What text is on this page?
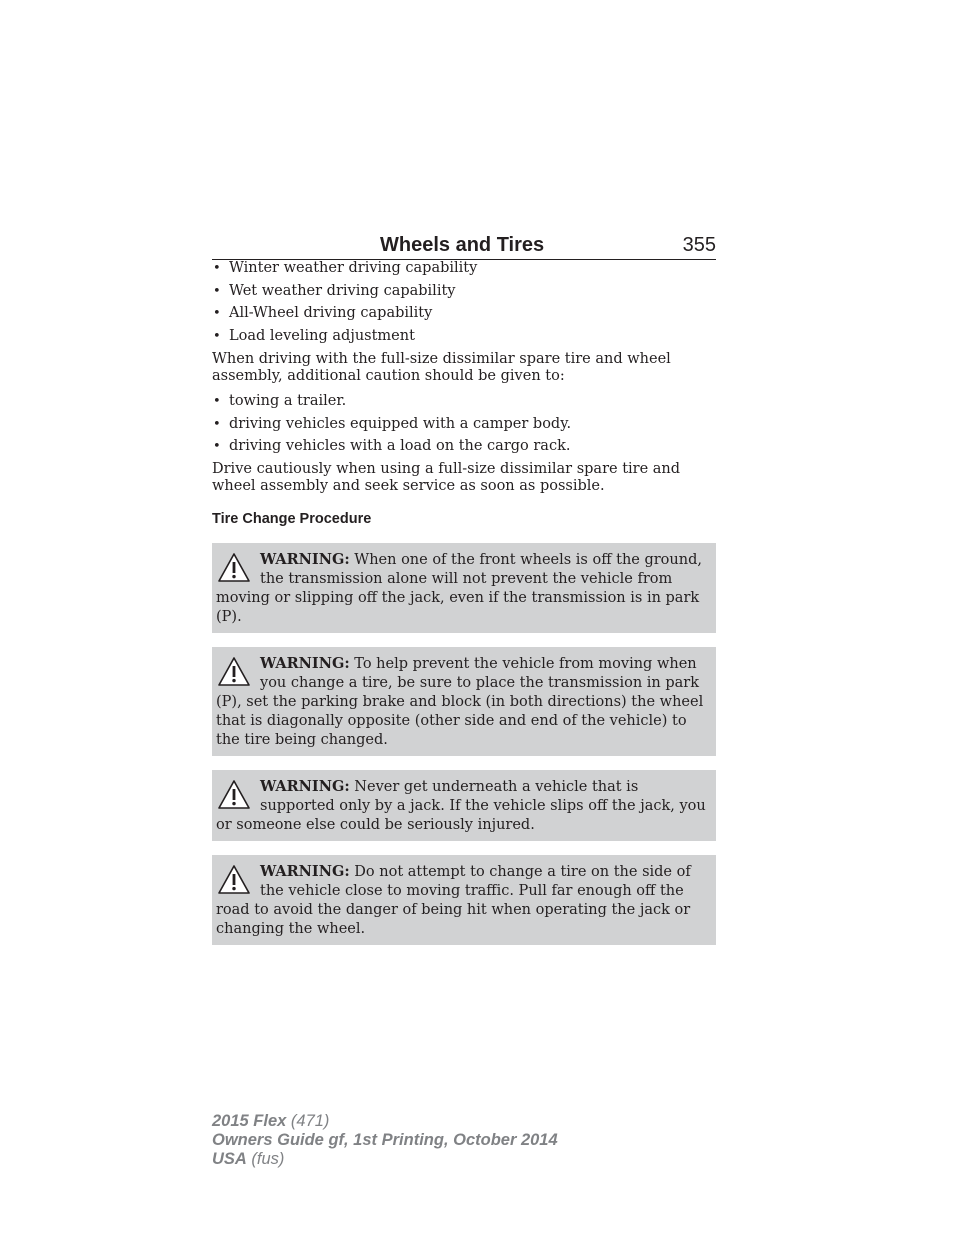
Wheels and Tires	355
• Winter weather driving capability
• Wet weather driving capability
• All-Wheel driving capability
• Load leveling adjustment

When driving with the full-size dissimilar spare tire and wheel assembly, additional caution should be given to:

• towing a trailer.
• driving vehicles equipped with a camper body.
• driving vehicles with a load on the cargo rack.

Drive cautiously when using a full-size dissimilar spare tire and wheel assembly and seek service as soon as possible.

Tire Change Procedure
WARNING: When one of the front wheels is off the ground, the transmission alone will not prevent the vehicle from moving or slipping off the jack, even if the transmission is in park (P).
WARNING: To help prevent the vehicle from moving when you change a tire, be sure to place the transmission in park (P), set the parking brake and block (in both directions) the wheel that is diagonally opposite (other side and end of the vehicle) to the tire being changed.
WARNING: Never get underneath a vehicle that is supported only by a jack. If the vehicle slips off the jack, you or someone else could be seriously injured.
WARNING: Do not attempt to change a tire on the side of the vehicle close to moving traffic. Pull far enough off the road to avoid the danger of being hit when operating the jack or changing the wheel.
2015 Flex (471)
Owners Guide gf, 1st Printing, October 2014
USA (fus)
